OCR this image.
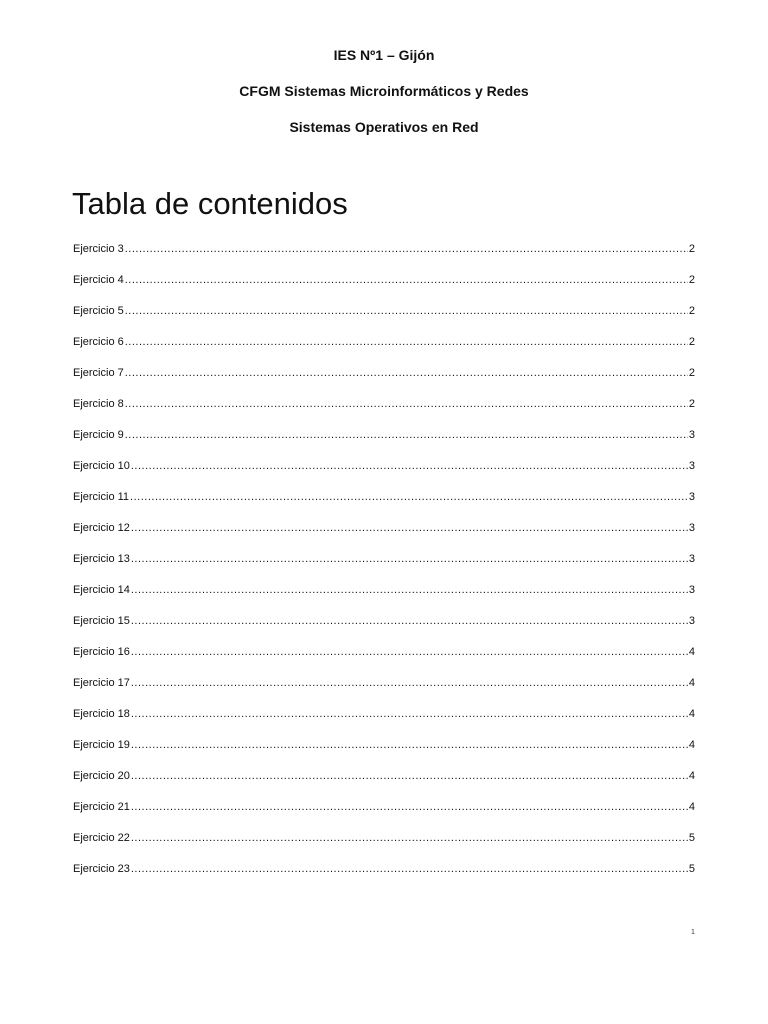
IES Nº1 – Gijón
CFGM Sistemas Microinformáticos y Redes
Sistemas Operativos en Red
Tabla de contenidos
Ejercicio 3 .....	2
Ejercicio 4 .....	2
Ejercicio 5 .....	2
Ejercicio 6 .....	2
Ejercicio 7 .....	2
Ejercicio 8 .....	2
Ejercicio 9 .....	3
Ejercicio 10 .....	3
Ejercicio 11 .....	3
Ejercicio 12 .....	3
Ejercicio 13 .....	3
Ejercicio 14 .....	3
Ejercicio 15 .....	3
Ejercicio 16 .....	4
Ejercicio 17 .....	4
Ejercicio 18 .....	4
Ejercicio 19 .....	4
Ejercicio 20 .....	4
Ejercicio 21 .....	4
Ejercicio 22 .....	5
Ejercicio 23 .....	5
1
